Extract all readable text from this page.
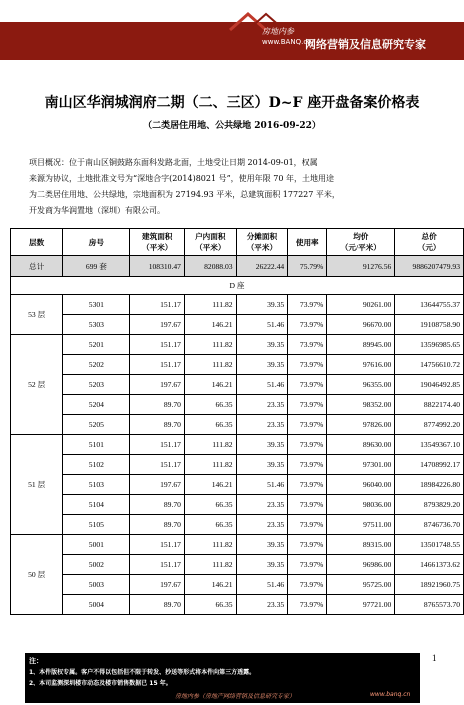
房地内参
www.BANQ.cn
网络营销及信息研究专家
南山区华润城润府二期（二、三区）D~F 座开盘备案价格表
（二类居住用地、公共绿地 2016-09-22）

项目概况：位于南山区铜鼓路东面科发路北面，土地受让日期 2014-09-01，权属

来源为协议，土地批准文号为“深地合字(2014)8021 号”，使用年限 70 年，土地用途

为二类居住用地、公共绿地，宗地面积为 27194.93 平米，总建筑面积 177227 平米，

开发商为华润置地（深圳）有限公司。

层数	房号	建筑面积
（平米）	户内面积
（平米）	分摊面积
（平米）	使用率	均价
（元/平米）	总价
（元）
总计	699 套	108310.47	82088.03	26222.44	75.79%	91276.56	9886207479.93
D 座							
53 层	5301	151.17	111.82	39.35	73.97%	90261.00	13644755.37
	5303	197.67	146.21	51.46	73.97%	96670.00	19108758.90
52 层	5201	151.17	111.82	39.35	73.97%	89945.00	13596985.65
	5202	151.17	111.82	39.35	73.97%	97616.00	14756610.72
	5203	197.67	146.21	51.46	73.97%	96355.00	19046492.85
	5204	89.70	66.35	23.35	73.97%	98352.00	8822174.40
	5205	89.70	66.35	23.35	73.97%	97826.00	8774992.20
51 层	5101	151.17	111.82	39.35	73.97%	89630.00	13549367.10
	5102	151.17	111.82	39.35	73.97%	97301.00	14708992.17
	5103	197.67	146.21	51.46	73.97%	96040.00	18984226.80
	5104	89.70	66.35	23.35	73.97%	98036.00	8793829.20
	5105	89.70	66.35	23.35	73.97%	97511.00	8746736.70
50 层	5001	151.17	111.82	39.35	73.97%	89315.00	13501748.55
	5002	151.17	111.82	39.35	73.97%	96986.00	14661373.62
	5003	197.67	146.21	51.46	73.97%	95725.00	18921960.75
	5004	89.70	66.35	23.35	73.97%	97721.00	8765573.70
注：
1、本件版权专属。客户不得以包括但不限于转发、抄送等形式将本件向第三方透露。
2、本司监测深圳楼市动态及楼市销售数据已 15 年。
房地内参（房地产网络营销及信息研究专家）	www.banq.cn
1
